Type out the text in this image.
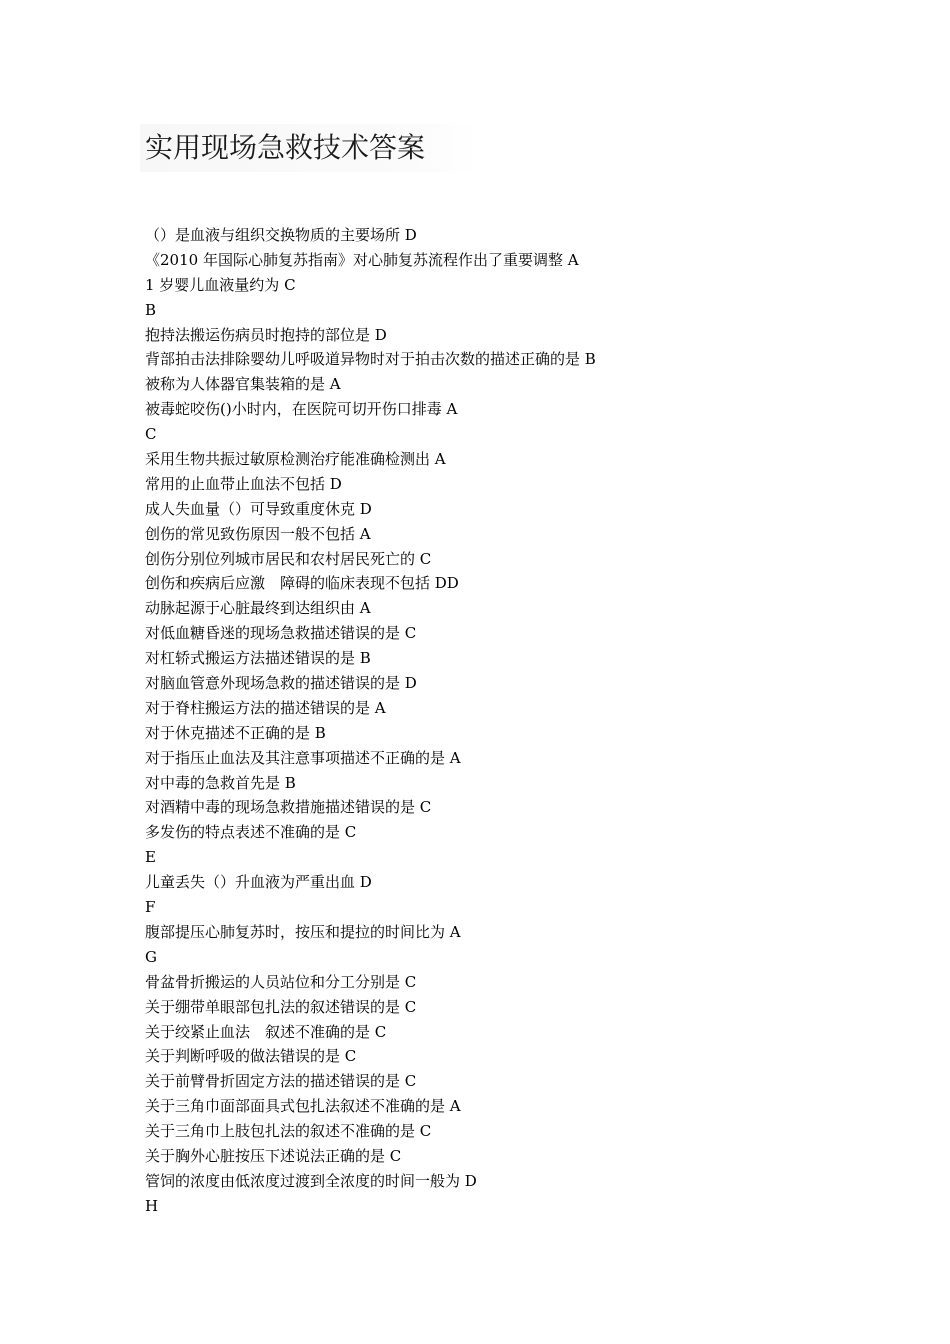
实用现场急救技术答案
（）是血液与组织交换物质的主要场所 D
《2010 年国际心肺复苏指南》对心肺复苏流程作出了重要调整 A
1 岁婴儿血液量约为 C
B
抱持法搬运伤病员时抱持的部位是 D
背部拍击法排除婴幼儿呼吸道异物时对于拍击次数的描述正确的是 B
被称为人体器官集装箱的是 A
被毒蛇咬伤()小时内，在医院可切开伤口排毒 A
C
采用生物共振过敏原检测治疗能准确检测出 A
常用的止血带止血法不包括 D
成人失血量（）可导致重度休克 D
创伤的常见致伤原因一般不包括 A
创伤分别位列城市居民和农村居民死亡的 C
创伤和疾病后应激　障碍的临床表现不包括 DD
动脉起源于心脏最终到达组织由 A
对低血糖昏迷的现场急救描述错误的是 C
对杠轿式搬运方法描述错误的是 B
对脑血管意外现场急救的描述错误的是 D
对于脊柱搬运方法的描述错误的是 A
对于休克描述不正确的是 B
对于指压止血法及其注意事项描述不正确的是 A
对中毒的急救首先是 B
对酒精中毒的现场急救措施描述错误的是 C
多发伤的特点表述不准确的是 C
E
儿童丢失（）升血液为严重出血 D
F
腹部提压心肺复苏时，按压和提拉的时间比为 A
G
骨盆骨折搬运的人员站位和分工分别是 C
关于绷带单眼部包扎法的叙述错误的是 C
关于绞紧止血法　叙述不准确的是 C
关于判断呼吸的做法错误的是 C
关于前臂骨折固定方法的描述错误的是 C
关于三角巾面部面具式包扎法叙述不准确的是 A
关于三角巾上肢包扎法的叙述不准确的是 C
关于胸外心脏按压下述说法正确的是 C
管饲的浓度由低浓度过渡到全浓度的时间一般为 D
H
